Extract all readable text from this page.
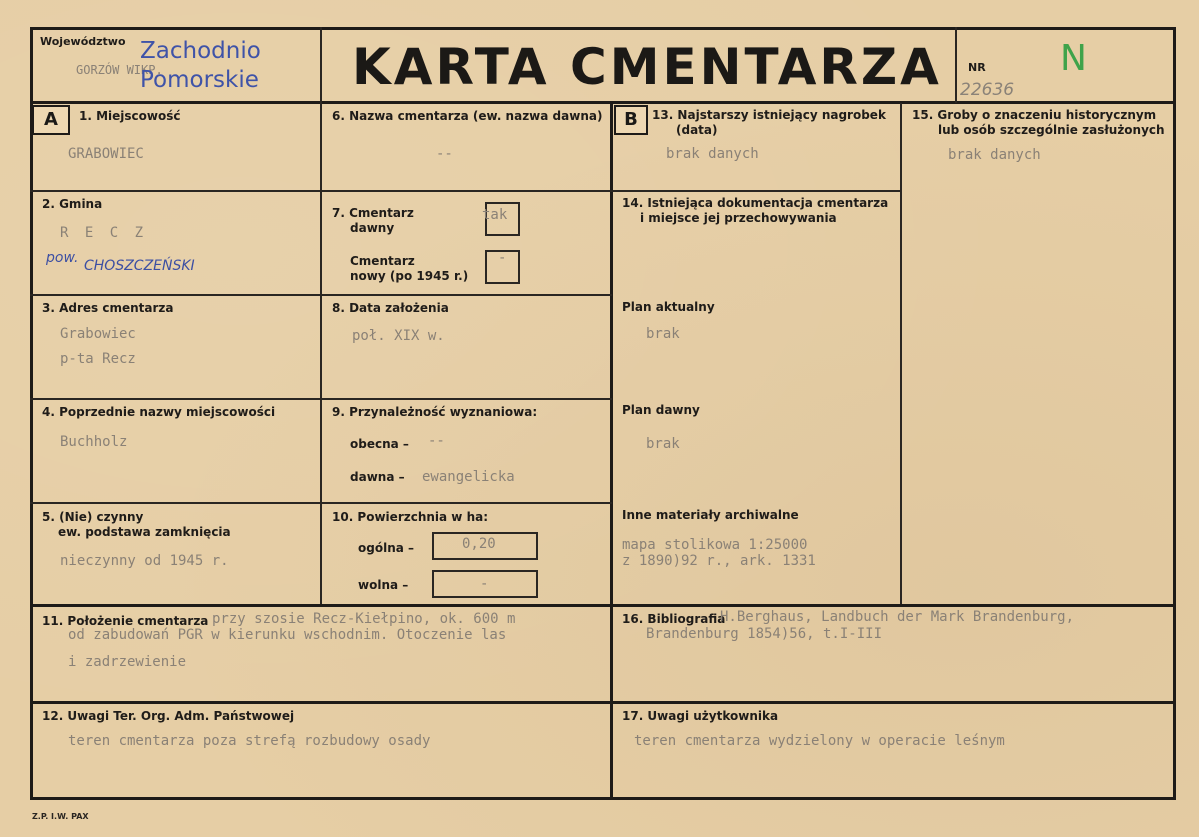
Województwo
GORZÓW WIKP.
Zachodnio
Pomorskie KARTA CMENTARZA NR N
22636
A	B
1. Miejscowość
GRABOWIEC
2. Gmina
R E C Z
pow. CHOSZCZEŃSKI
3. Adres cmentarza
Grabowiec
p-ta Recz
4. Poprzednie nazwy miejscowości
Buchholz
5. (Nie) czynny
ew. podstawa zamknięcia
nieczynny od 1945 r.
6. Nazwa cmentarza (ew. nazwa dawna)
--
7. Cmentarz
dawny
tak
Cmentarz
nowy (po 1945 r.)
-
8. Data założenia
poł. XIX w.
9. Przynależność wyznaniowa:
obecna – --
dawna – ewangelicka
10. Powierzchnia w ha:
ogólna –	0,20
wolna –	-
13. Najstarszy istniejący nagrobek
(data)
brak danych
14. Istniejąca dokumentacja cmentarza
i miejsce jej przechowywania
Plan aktualny
brak
Plan dawny
brak
Inne materiały archiwalne
mapa stolikowa 1:25000
z 1890)92 r., ark. 1331
15. Groby o znaczeniu historycznym
lub osób szczególnie zasłużonych
brak danych
11. Położenie cmentarza przy szosie Recz-Kiełpino, ok. 600 m
od zabudowań PGR w kierunku wschodnim. Otoczenie las
i zadrzewienie
16. Bibliografia
H.Berghaus, Landbuch der Mark Brandenburg,
Brandenburg 1854)56, t.I-III
12. Uwagi Ter. Org. Adm. Państwowej
teren cmentarza poza strefą rozbudowy osady
17. Uwagi użytkownika
teren cmentarza wydzielony w operacie leśnym
Z.P. I.W. PAX
